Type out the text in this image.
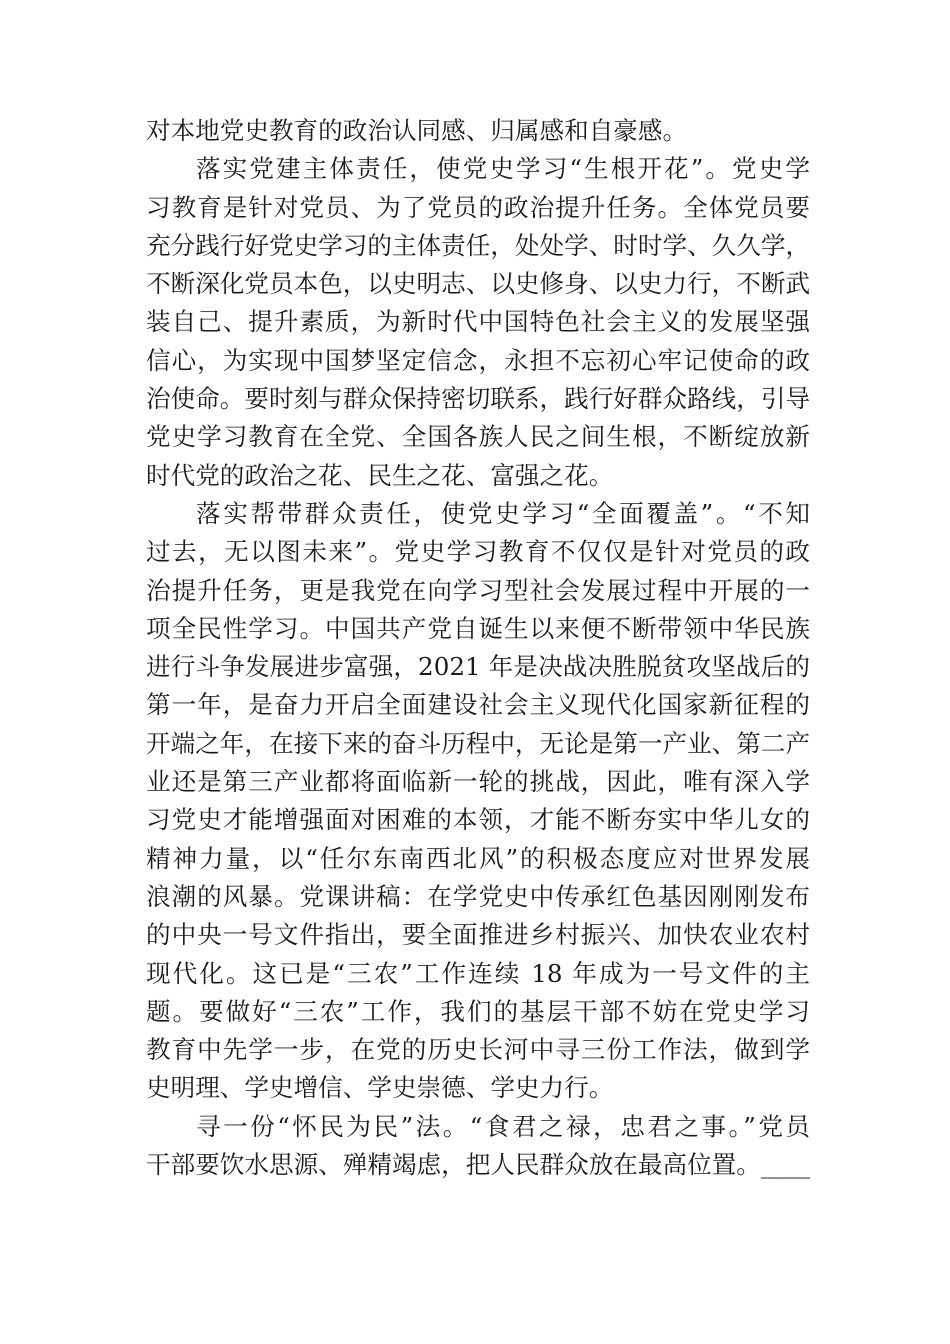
对本地党史教育的政治认同感、归属感和自豪感。
落实党建主体责任，使党史学习“生根开花”。党史学
习教育是针对党员、为了党员的政治提升任务。全体党员要
充分践行好党史学习的主体责任，处处学、时时学、久久学，
不断深化党员本色，以史明志、以史修身、以史力行，不断武
装自己、提升素质，为新时代中国特色社会主义的发展坚强
信心，为实现中国梦坚定信念，永担不忘初心牢记使命的政
治使命。要时刻与群众保持密切联系，践行好群众路线，引导
党史学习教育在全党、全国各族人民之间生根，不断绽放新
时代党的政治之花、民生之花、富强之花。
落实帮带群众责任，使党史学习“全面覆盖”。“不知
过去，无以图未来”。党史学习教育不仅仅是针对党员的政
治提升任务，更是我党在向学习型社会发展过程中开展的一
项全民性学习。中国共产党自诞生以来便不断带领中华民族
进行斗争发展进步富强，2021 年是决战决胜脱贫攻坚战后的
第一年，是奋力开启全面建设社会主义现代化国家新征程的
开端之年，在接下来的奋斗历程中，无论是第一产业、第二产
业还是第三产业都将面临新一轮的挑战，因此，唯有深入学
习党史才能增强面对困难的本领，才能不断夯实中华儿女的
精神力量，以“任尔东南西北风”的积极态度应对世界发展
浪潮的风暴。党课讲稿：在学党史中传承红色基因刚刚发布
的中央一号文件指出，要全面推进乡村振兴、加快农业农村
现代化。这已是“三农”工作连续 18 年成为一号文件的主
题。要做好“三农”工作，我们的基层干部不妨在党史学习
教育中先学一步，在党的历史长河中寻三份工作法，做到学
史明理、学史增信、学史崇德、学史力行。
寻一份“怀民为民”法。“食君之禄，忠君之事。”党员
干部要饮水思源、殚精竭虑，把人民群众放在最高位置。____
